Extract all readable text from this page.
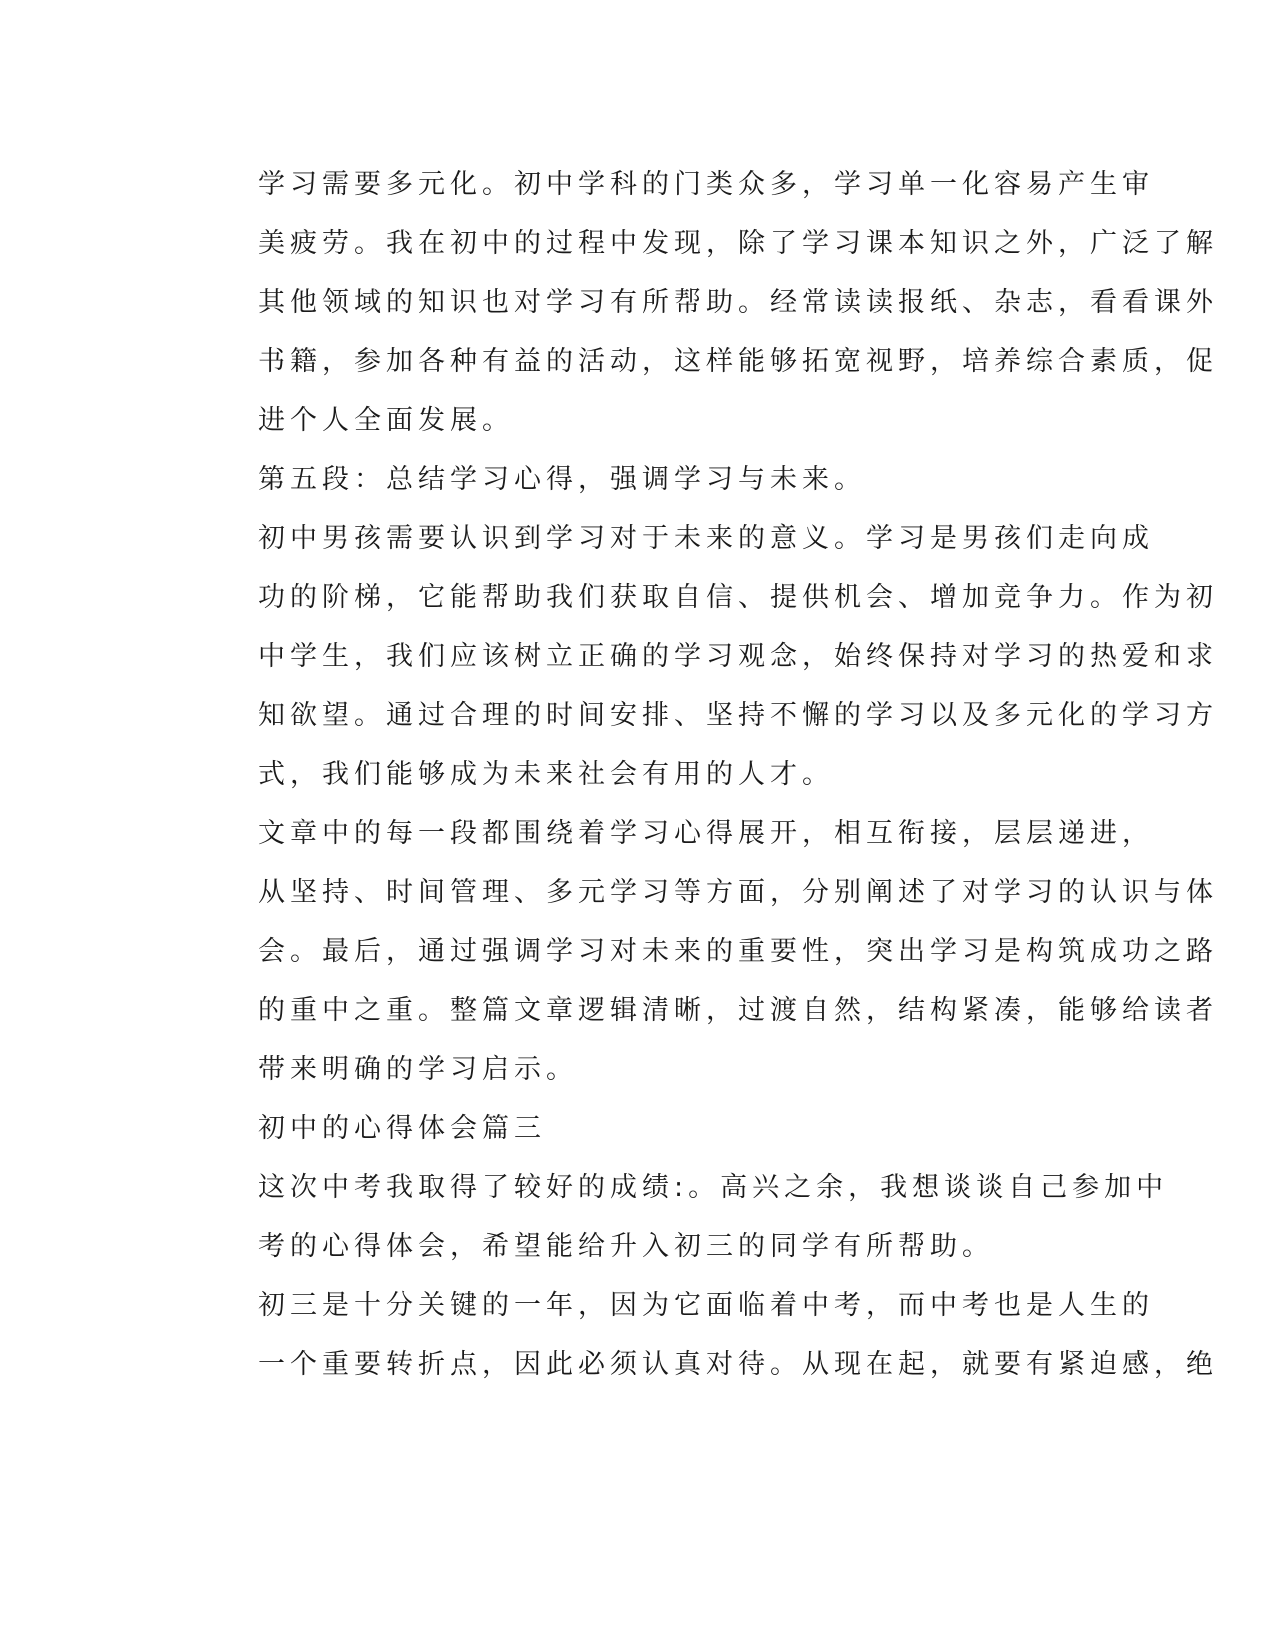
学习需要多元化。初中学科的门类众多，学习单一化容易产生审
美疲劳。我在初中的过程中发现，除了学习课本知识之外，广泛了解
其他领域的知识也对学习有所帮助。经常读读报纸、杂志，看看课外
书籍，参加各种有益的活动，这样能够拓宽视野，培养综合素质，促
进个人全面发展。

第五段：总结学习心得，强调学习与未来。

初中男孩需要认识到学习对于未来的意义。学习是男孩们走向成
功的阶梯，它能帮助我们获取自信、提供机会、增加竞争力。作为初
中学生，我们应该树立正确的学习观念，始终保持对学习的热爱和求
知欲望。通过合理的时间安排、坚持不懈的学习以及多元化的学习方
式，我们能够成为未来社会有用的人才。

文章中的每一段都围绕着学习心得展开，相互衔接，层层递进，
从坚持、时间管理、多元学习等方面，分别阐述了对学习的认识与体
会。最后，通过强调学习对未来的重要性，突出学习是构筑成功之路
的重中之重。整篇文章逻辑清晰，过渡自然，结构紧凑，能够给读者
带来明确的学习启示。

初中的心得体会篇三

这次中考我取得了较好的成绩:。高兴之余，我想谈谈自己参加中
考的心得体会，希望能给升入初三的同学有所帮助。

初三是十分关键的一年，因为它面临着中考，而中考也是人生的
一个重要转折点，因此必须认真对待。从现在起，就要有紧迫感，绝
